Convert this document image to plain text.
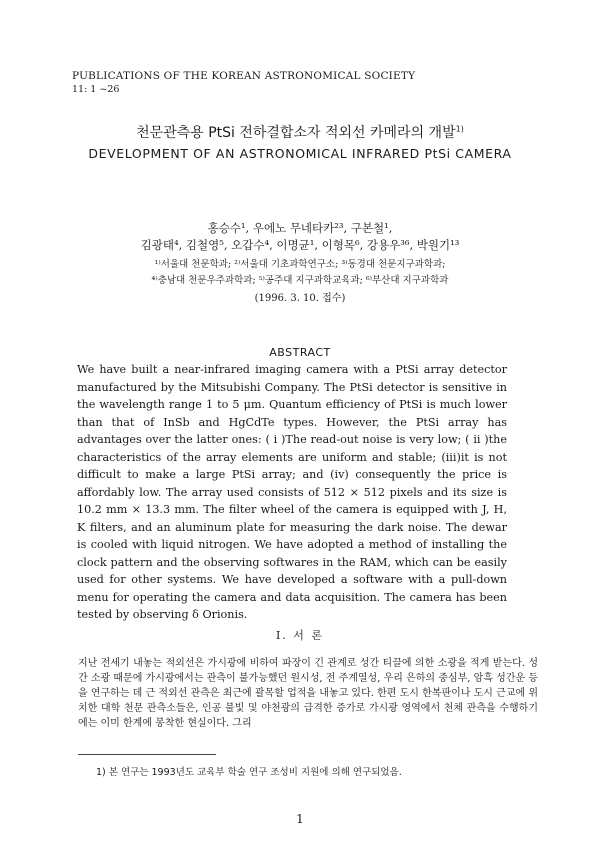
PUBLICATIONS OF THE KOREAN ASTRONOMICAL SOCIETY
11: 1 ~26
천문관측용 PtSi 전하결합소자 적외선 카메라의 개발$^{1)}$
DEVELOPMENT OF AN ASTRONOMICAL INFRARED PtSi CAMERA
홍승수¹, 우에노 무네타카²³, 구본철¹,
김광태⁴, 김철영⁵, 오갑수⁴, 이명균¹, 이형목⁶, 강용우³⁶, 박원기¹³
¹⁾서울대 천문학과; ²⁾서울대 기초과학연구소; ³⁾동경대 천문지구과학과;
⁴⁾충남대 천문우주과학과; ⁵⁾공주대 지구과학교육과; ⁶⁾부산대 지구과학과
(1996. 3. 10. 접수)
ABSTRACT
We have built a near-infrared imaging camera with a PtSi array detector manufactured by the Mitsubishi Company. The PtSi detector is sensitive in the wavelength range 1 to 5 μm. Quantum efficiency of PtSi is much lower than that of InSb and HgCdTe types. However, the PtSi array has advantages over the latter ones: ( i )The read-out noise is very low; ( ii )the characteristics of the array elements are uniform and stable; (iii)it is not difficult to make a large PtSi array; and (iv) consequently the price is affordably low. The array used consists of 512 × 512 pixels and its size is 10.2 mm × 13.3 mm. The filter wheel of the camera is equipped with J, H, K filters, and an aluminum plate for measuring the dark noise. The dewar is cooled with liquid nitrogen. We have adopted a method of installing the clock pattern and the observing softwares in the RAM, which can be easily used for other systems. We have developed a software with a pull-down menu for operating the camera and data acquisition. The camera has been tested by observing δ Orionis.
I. 서 론
지난 전세기 내놓는 적외선은 가시광에 비하여 파장이 긴 관계로 성간 티끌에 의한 소광을 적게 받는다. 성간 소광 때문에 가시광에서는 관측이 불가능했던 원시성, 전 주계열성, 우리 은하의 중심부, 암흑 성간운 등을 연구하는 데 근 적외선 관측은 최근에 괄목할 업적을 내놓고 있다. 한편 도시 한복판이나 도시 근교에 위치한 대학 천문 관측소들은, 인공 불빛 및 야천광의 급격한 증가로 가시광 영역에서 천체 관측을 수행하기에는 이미 한계에 봉착한 현실이다. 그리
1) 본 연구는 1993년도 교육부 학술 연구 조성비 지원에 의해 연구되었음.
1
